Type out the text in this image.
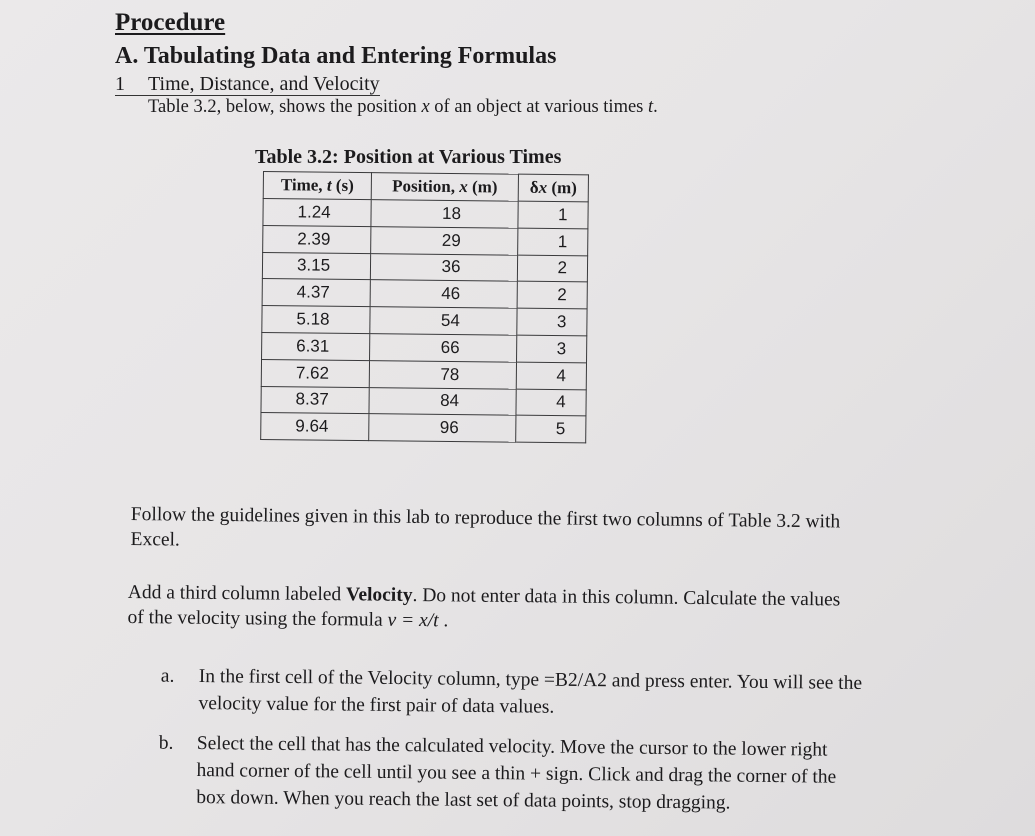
Procedure
A. Tabulating Data and Entering Formulas
1 Time, Distance, and Velocity
Table 3.2, below, shows the position x of an object at various times t.
Table 3.2: Position at Various Times
Time, t (s)	Position, x (m)	δx (m)
1.24	18	1
2.39	29	1
3.15	36	2
4.37	46	2
5.18	54	3
6.31	66	3
7.62	78	4
8.37	84	4
9.64	96	5
Follow the guidelines given in this lab to reproduce the first two columns of Table 3.2 with
Excel.
Add a third column labeled Velocity. Do not enter data in this column. Calculate the values
of the velocity using the formula v = x/t .
a. In the first cell of the Velocity column, type =B2/A2 and press enter. You will see the
velocity value for the first pair of data values.
b. Select the cell that has the calculated velocity. Move the cursor to the lower right
hand corner of the cell until you see a thin + sign. Click and drag the corner of the
box down. When you reach the last set of data points, stop dragging.
